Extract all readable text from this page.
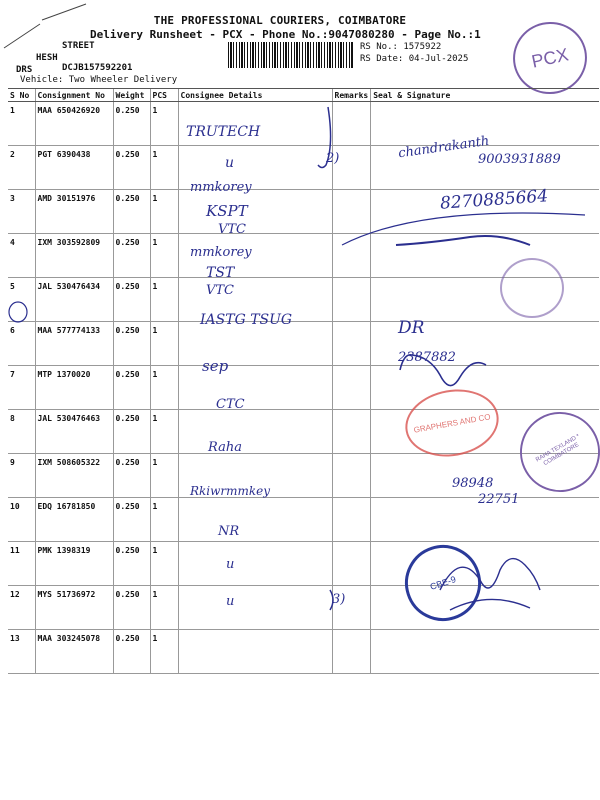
THE PROFESSIONAL COURIERS, COIMBATORE
Delivery Runsheet - PCX - Phone No.:9047080280 - Page No.:1
STREET
HESH
DRS	DCJB157592201
RS No.: 1575922
RS Date: 04-Jul-2025	PCX
Vehicle: Two Wheeler Delivery
S No	Consignment No	Weight	PCS	Consignee Details	Remarks	Seal & Signature
1	MAA 650426920	0.250	1			
2	PGT 6390438	0.250	1			
3	AMD 30151976	0.250	1			
4	IXM 303592809	0.250	1			
5	JAL 530476434	0.250	1			
6	MAA 577774133	0.250	1			
7	MTP 1370020	0.250	1			
8	JAL 530476463	0.250	1			
9	IXM 508605322	0.250	1			
10	EDQ 16781850	0.250	1			
11	PMK 1398319	0.250	1			
12	MYS 51736972	0.250	1			
13	MAA 303245078	0.250	1			
TRUTECH
u	2)	chandrakanth
9003931889
mmkorey
KSPT	8270885664
VTC
mmkorey
TST
VTC
IASTG TSUG	DR
sep	2387882
CTC
Raha
Rkiwrmmkey	98948
22751
NR
u
u	3)
GRAPHERS AND CO
RAHA TEXLAND * COIMBATORE
CBE-9
